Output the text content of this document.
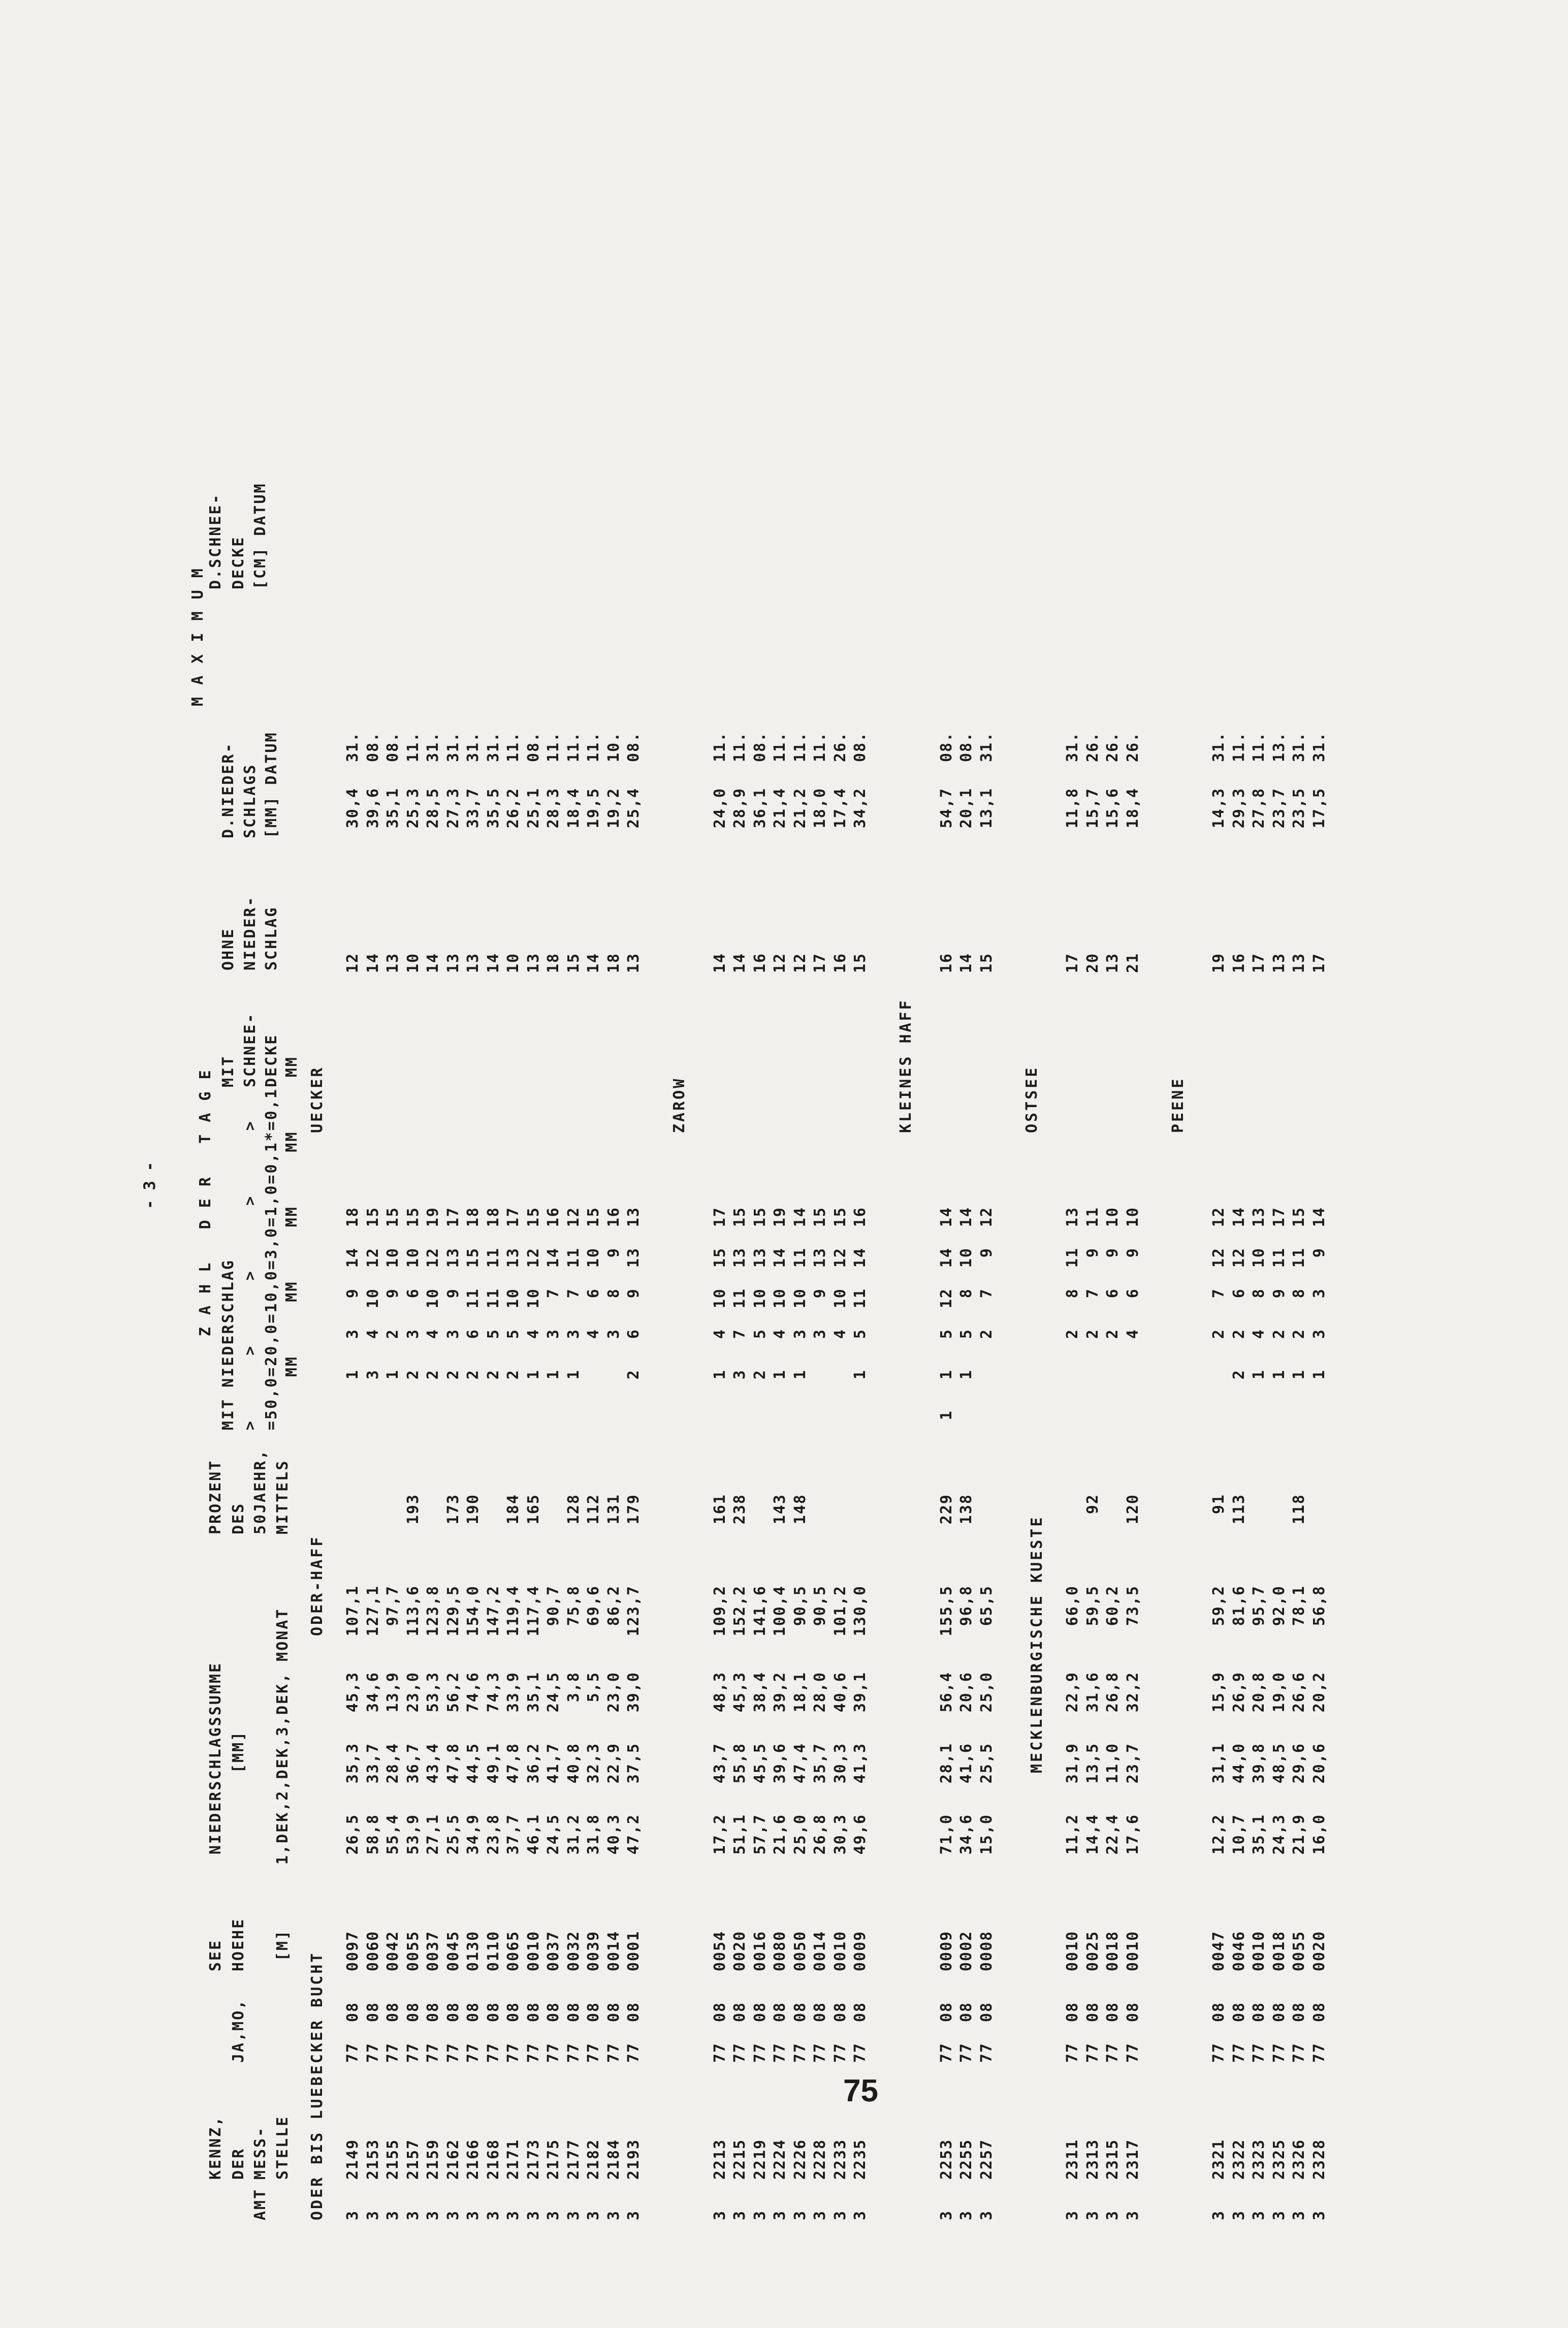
- 3 -
AMT
KENNZ, DER MESS- STELLE
JA,MO,
SEE HOEHE [M]
NIEDERSCHLAGSSUMME [MM] 1,DEK,2,DEK,3,DEK, MONAT
PROZENT DES 50JAEHR, MITTELS
Z A H L   D E R   T A G E
MIT NIEDERSCHLAG >      >      >      >      > =50,0=20,0=10,0=3,0=1,0=0,1*=0,1 MM     MM     MM     MM     MM
MIT SCHNEE- DECKE
OHNE NIEDER- SCHLAG
M A X I M U M
D.NIEDER- SCHLAGS [MM] DATUM
D.SCHNEE- DECKE [CM] DATUM
ODER BIS LUEBECKER BUCHT
ODER-HAFF
UECKER
3
2149
77
08
0097
26,5
35,3
45,3
107,1
1
3
9
14
18
12
30,4
31.
3
2153
77
08
0060
58,8
33,7
34,6
127,1
3
4
10
12
15
14
39,6
08.
3
2155
77
08
0042
55,4
28,4
13,9
97,7
1
2
9
10
15
13
35,1
08.
3
2157
77
08
0055
53,9
36,7
23,0
113,6
193
2
3
6
10
15
10
25,3
11.
3
2159
77
08
0037
27,1
43,4
53,3
123,8
2
4
10
12
19
14
28,5
31.
3
2162
77
08
0045
25,5
47,8
56,2
129,5
173
2
3
9
13
17
13
27,3
31.
3
2166
77
08
0130
34,9
44,5
74,6
154,0
190
2
6
11
15
18
13
33,7
31.
3
2168
77
08
0110
23,8
49,1
74,3
147,2
2
5
11
11
18
14
35,5
31.
3
2171
77
08
0065
37,7
47,8
33,9
119,4
184
2
5
10
13
17
10
26,2
11.
3
2173
77
08
0010
46,1
36,2
35,1
117,4
165
1
4
10
12
15
13
25,1
08.
3
2175
77
08
0037
24,5
41,7
24,5
90,7
1
3
7
14
16
18
28,3
11.
3
2177
77
08
0032
31,2
40,8
3,8
75,8
128
1
3
7
11
12
15
18,4
11.
3
2182
77
08
0039
31,8
32,3
5,5
69,6
112
4
6
10
15
14
19,5
11.
3
2184
77
08
0014
40,3
22,9
23,0
86,2
131
3
8
9
16
18
19,2
10.
3
2193
77
08
0001
47,2
37,5
39,0
123,7
179
2
6
9
13
13
13
25,4
08.
ZAROW
3
2213
77
08
0054
17,2
43,7
48,3
109,2
161
1
4
10
15
17
14
24,0
11.
3
2215
77
08
0020
51,1
55,8
45,3
152,2
238
3
7
11
13
15
14
28,9
11.
3
2219
77
08
0016
57,7
45,5
38,4
141,6
2
5
10
13
15
16
36,1
08.
3
2224
77
08
0080
21,6
39,6
39,2
100,4
143
1
4
10
14
19
12
21,4
11.
3
2226
77
08
0050
25,0
47,4
18,1
90,5
148
1
3
10
11
14
12
21,2
11.
3
2228
77
08
0014
26,8
35,7
28,0
90,5
3
9
13
15
17
18,0
11.
3
2233
77
08
0010
30,3
30,3
40,6
101,2
4
10
12
15
16
17,4
26.
3
2235
77
08
0009
49,6
41,3
39,1
130,0
1
5
11
14
16
15
34,2
08.
KLEINES HAFF
3
2253
77
08
0009
71,0
28,1
56,4
155,5
229
1
1
5
12
14
14
16
54,7
08.
3
2255
77
08
0002
34,6
41,6
20,6
96,8
138
1
5
8
10
14
14
20,1
08.
3
2257
77
08
0008
15,0
25,5
25,0
65,5
2
7
9
12
15
13,1
31.
MECKLENBURGISCHE KUESTE
OSTSEE
3
2311
77
08
0010
11,2
31,9
22,9
66,0
2
8
11
13
17
11,8
31.
3
2313
77
08
0025
14,4
13,5
31,6
59,5
92
2
7
9
11
20
15,7
26.
3
2315
77
08
0018
22,4
11,0
26,8
60,2
2
6
9
10
13
15,6
26.
3
2317
77
08
0010
17,6
23,7
32,2
73,5
120
4
6
9
10
21
18,4
26.
PEENE
3
2321
77
08
0047
12,2
31,1
15,9
59,2
91
2
7
12
12
19
14,3
31.
3
2322
77
08
0046
10,7
44,0
26,9
81,6
113
2
2
6
12
14
16
29,3
11.
3
2323
77
08
0010
35,1
39,8
20,8
95,7
1
4
8
10
13
17
27,8
11.
3
2325
77
08
0018
24,3
48,5
19,0
92,0
1
2
9
11
17
13
23,7
13.
3
2326
77
08
0055
21,9
29,6
26,6
78,1
118
1
2
8
11
15
13
23,5
31.
3
2328
77
08
0020
16,0
20,6
20,2
56,8
1
3
3
9
14
17
17,5
31.
75
